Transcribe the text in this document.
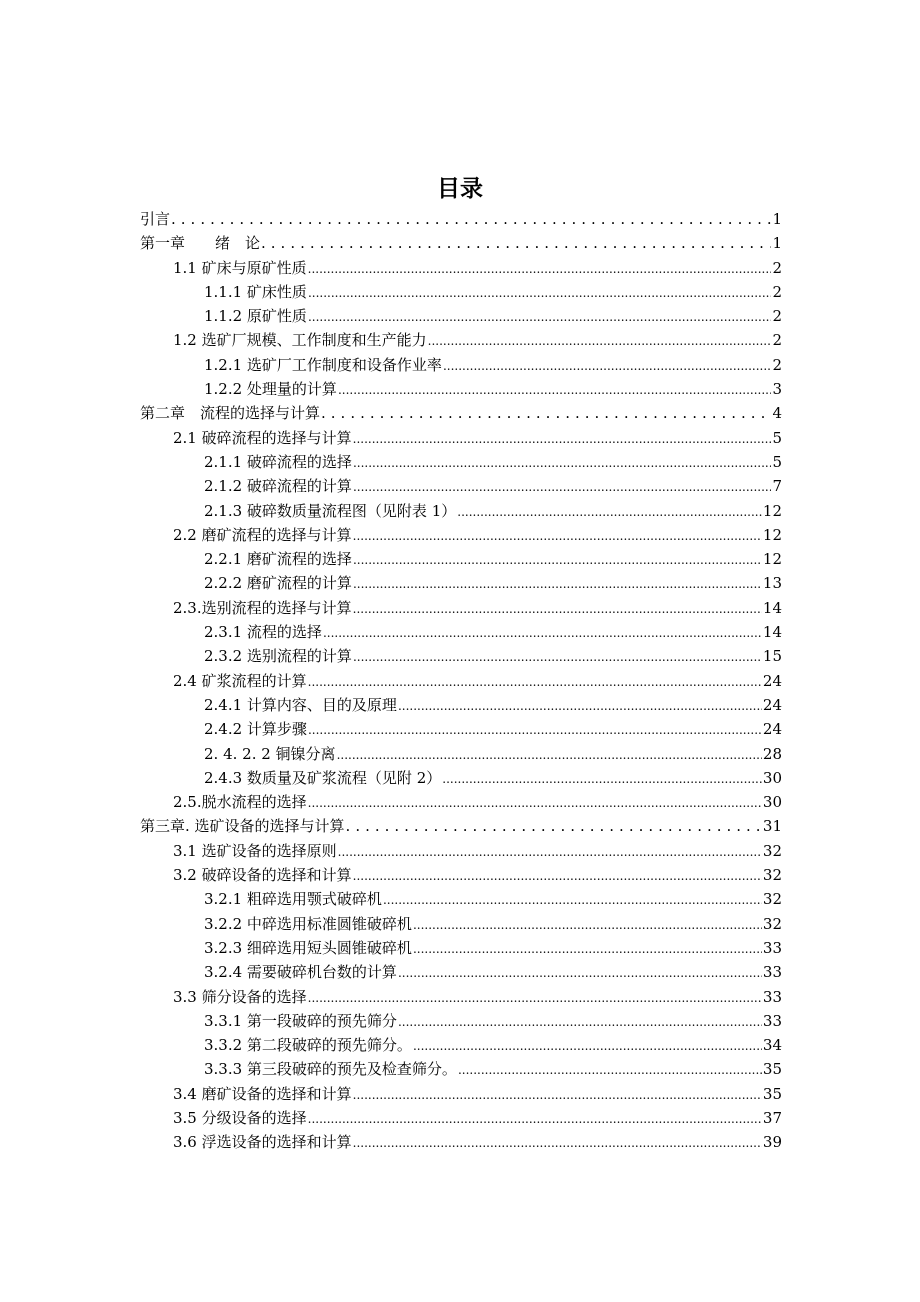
目录
引言 .....	1
第一章　　绪　论 .....	1
1.1 矿床与原矿性质 .....	2
1.1.1 矿床性质 .....	2
1.1.2 原矿性质 .....	2
1.2 选矿厂规模、工作制度和生产能力 .....	2
1.2.1 选矿厂工作制度和设备作业率 .....	2
1.2.2 处理量的计算 .....	3
第二章　流程的选择与计算 .....	4
2.1 破碎流程的选择与计算 .....	5
2.1.1 破碎流程的选择 .....	5
2.1.2 破碎流程的计算 .....	7
2.1.3 破碎数质量流程图（见附表 1） .....	12
2.2 磨矿流程的选择与计算 .....	12
2.2.1 磨矿流程的选择 .....	12
2.2.2 磨矿流程的计算 .....	13
2.3.选别流程的选择与计算 .....	14
2.3.1 流程的选择 .....	14
2.3.2 选别流程的计算 .....	15
2.4 矿浆流程的计算 .....	24
2.4.1 计算内容、目的及原理 .....	24
2.4.2 计算步骤 .....	24
2. 4. 2. 2 铜镍分离 .....	28
2.4.3 数质量及矿浆流程（见附 2） .....	30
2.5.脱水流程的选择 .....	30
第三章. 选矿设备的选择与计算 .....	31
3.1 选矿设备的选择原则 .....	32
3.2 破碎设备的选择和计算 .....	32
3.2.1 粗碎选用颚式破碎机 .....	32
3.2.2 中碎选用标准圆锥破碎机 .....	32
3.2.3 细碎选用短头圆锥破碎机 .....	33
3.2.4 需要破碎机台数的计算 .....	33
3.3 筛分设备的选择 .....	33
3.3.1 第一段破碎的预先筛分 .....	33
3.3.2 第二段破碎的预先筛分。 .....	34
3.3.3 第三段破碎的预先及检查筛分。 .....	35
3.4 磨矿设备的选择和计算 .....	35
3.5 分级设备的选择 .....	37
3.6 浮选设备的选择和计算 .....	39
